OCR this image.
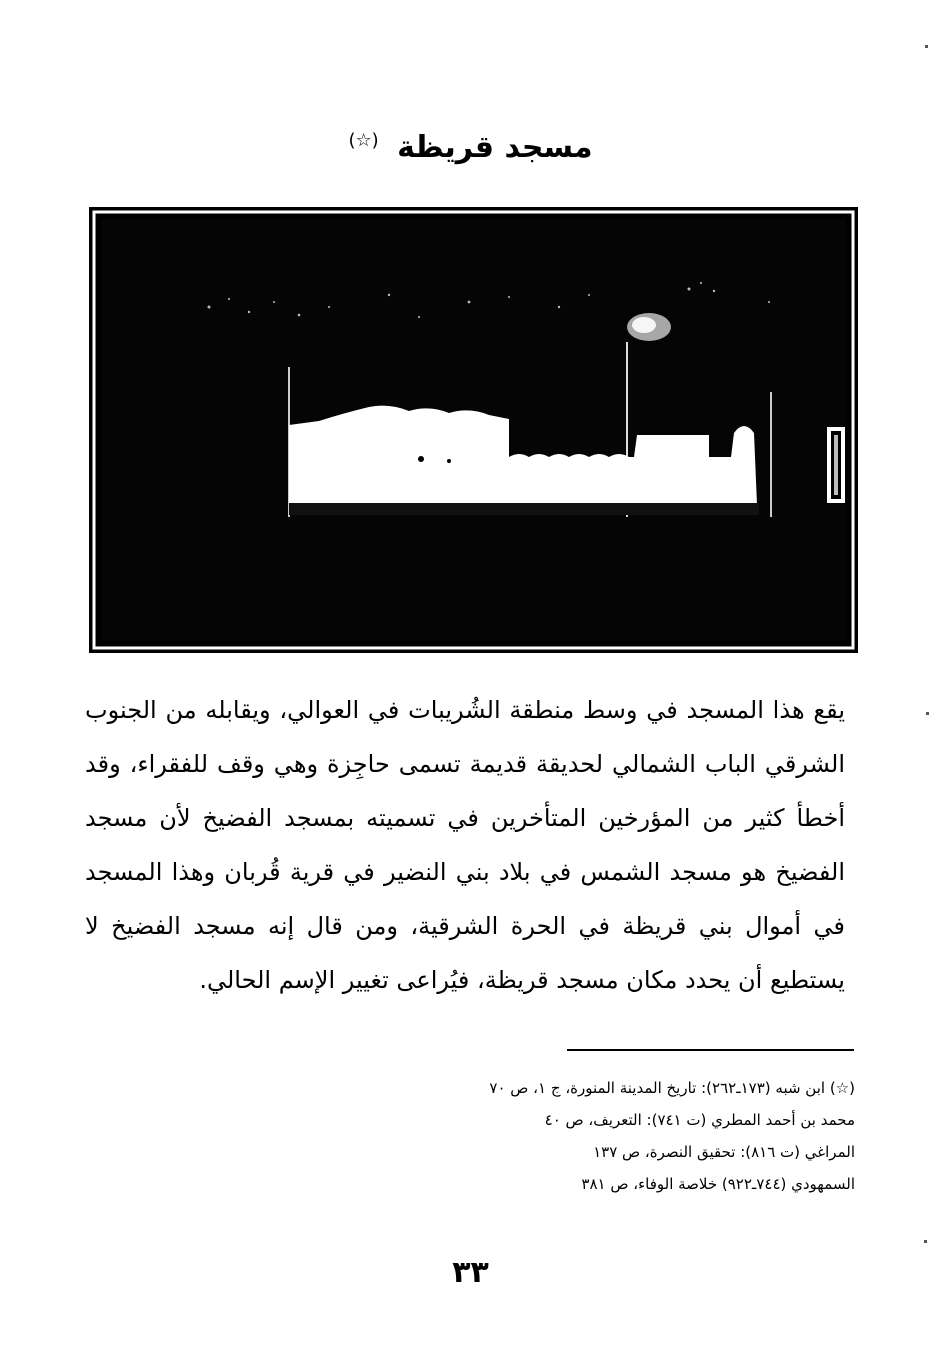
مسجد قريظة (☆)
يقع هذا المسجد في وسط منطقة الشُريبات في العوالي، ويقابله من الجنوب الشرقي الباب الشمالي لحديقة قديمة تسمى حاجِزة وهي وقف للفقراء، وقد أخطأ كثير من المؤرخين المتأخرين في تسميته بمسجد الفضيخ لأن مسجد الفضيخ هو مسجد الشمس في بلاد بني النضير في قرية قُربان وهذا المسجد في أموال بني قريظة في الحرة الشرقية، ومن قال إنه مسجد الفضيخ لا يستطيع أن يحدد مكان مسجد قريظة، فيُراعى تغيير الإسم الحالي.
(☆) ابن شبه (١٧٣ـ٢٦٢): تاريخ المدينة المنورة، ج ١، ص ٧٠
محمد بن أحمد المطري (ت ٧٤١): التعريف، ص ٤٠
المراغي (ت ٨١٦): تحقيق النصرة، ص ١٣٧
السمهودي (٧٤٤ـ٩٢٢) خلاصة الوفاء، ص ٣٨١
٣٣
